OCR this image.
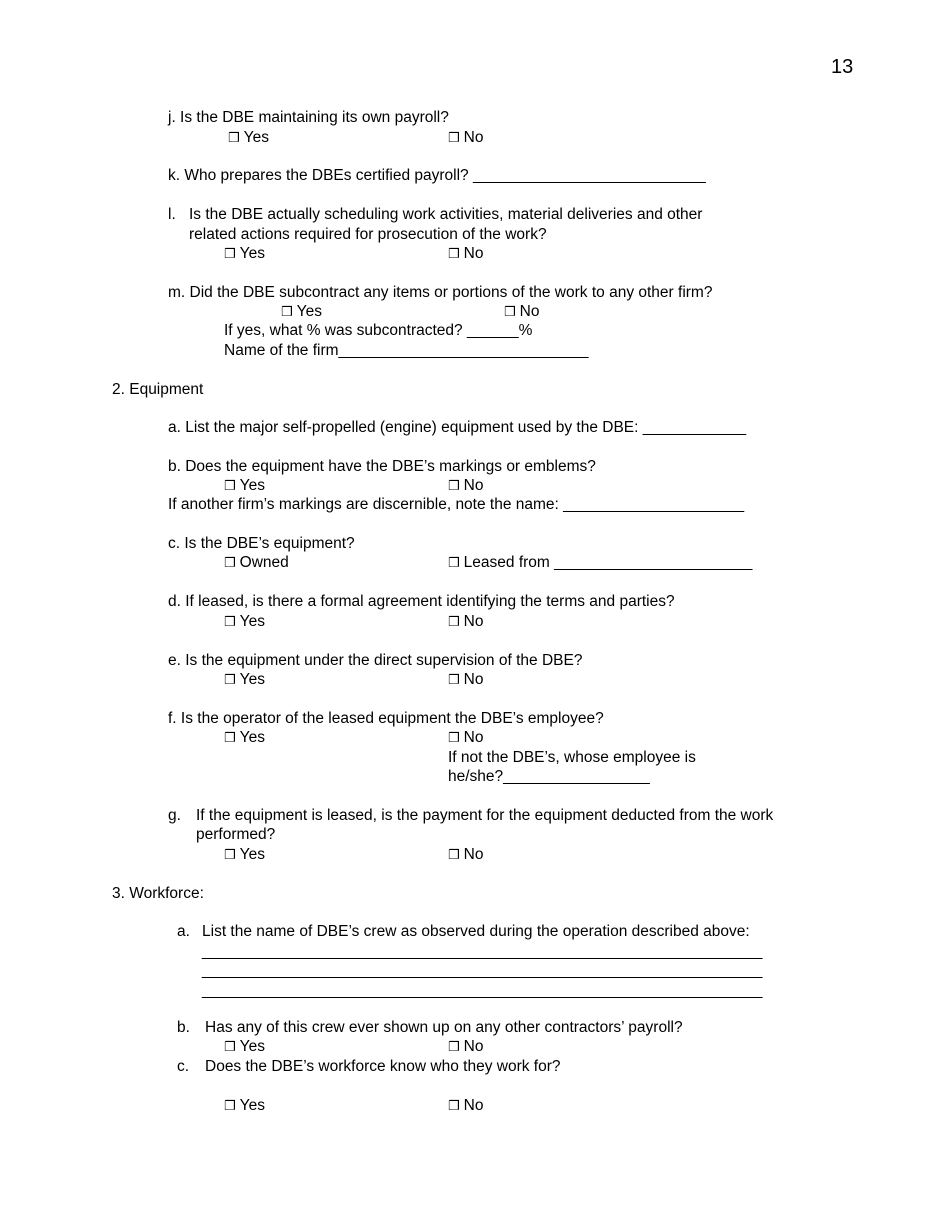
13
j. Is the DBE maintaining its own payroll?
❒ Yes	❒ No
k. Who prepares the DBEs certified payroll? ___________________________
l. Is the DBE actually scheduling work activities, material deliveries and other
related actions required for prosecution of the work?
❒ Yes	❒ No
m. Did the DBE subcontract any items or portions of the work to any other firm?
❒ Yes	❒ No
If yes, what % was subcontracted? ______%
Name of the firm_____________________________
2. Equipment
a. List the major self-propelled (engine) equipment used by the DBE: ____________
b. Does the equipment have the DBE’s markings or emblems?
❒ Yes	❒ No
If another firm’s markings are discernible, note the name: _____________________
c. Is the DBE’s equipment?
❒ Owned	❒ Leased from _______________________
d. If leased, is there a formal agreement identifying the terms and parties?
❒ Yes	❒ No
e. Is the equipment under the direct supervision of the DBE?
❒ Yes	❒ No
f. Is the operator of the leased equipment the DBE’s employee?
❒ Yes	❒ No
If not the DBE’s, whose employee is
he/she?_________________
g. If the equipment is leased, is the payment for the equipment deducted from the work
performed?
❒ Yes	❒ No
3. Workforce:
a. List the name of DBE’s crew as observed during the operation described above:
_________________________________________________________________
_________________________________________________________________
_________________________________________________________________
b. Has any of this crew ever shown up on any other contractors’ payroll?
❒ Yes	❒ No
c. Does the DBE’s workforce know who they work for?
❒ Yes	❒ No
